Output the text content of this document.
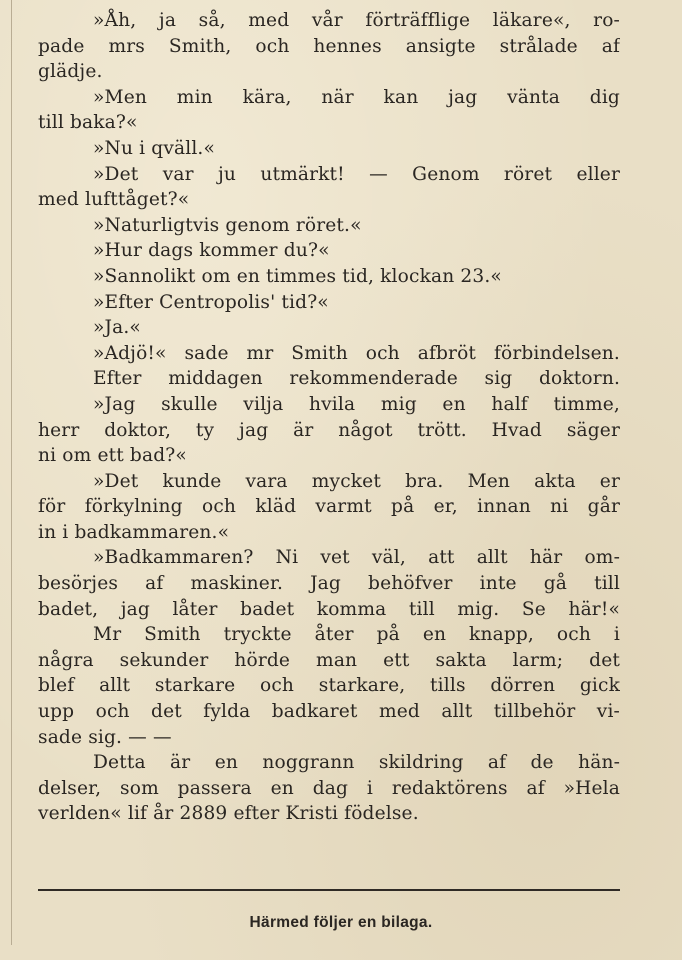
»Åh, ja så, med vår förträfflige läkare«, ro-
pade mrs Smith, och hennes ansigte strålade af
glädje.
»Men min kära, när kan jag vänta dig
till baka?«
»Nu i qväll.«
»Det var ju utmärkt! — Genom röret eller
med lufttåget?«
»Naturligtvis genom röret.«
»Hur dags kommer du?«
»Sannolikt om en timmes tid, klockan 23.«
»Efter Centropolis' tid?«
»Ja.«
»Adjö!« sade mr Smith och afbröt förbindelsen.
Efter middagen rekommenderade sig doktorn.
»Jag skulle vilja hvila mig en half timme,
herr doktor, ty jag är något trött. Hvad säger
ni om ett bad?«
»Det kunde vara mycket bra. Men akta er
för förkylning och kläd varmt på er, innan ni går
in i badkammaren.«
»Badkammaren? Ni vet väl, att allt här om-
besörjes af maskiner. Jag behöfver inte gå till
badet, jag låter badet komma till mig. Se här!«
Mr Smith tryckte åter på en knapp, och i
några sekunder hörde man ett sakta larm; det
blef allt starkare och starkare, tills dörren gick
upp och det fylda badkaret med allt tillbehör vi-
sade sig. — —
Detta är en noggrann skildring af de hän-
delser, som passera en dag i redaktörens af »Hela
verlden« lif år 2889 efter Kristi födelse.
Härmed följer en bilaga.
